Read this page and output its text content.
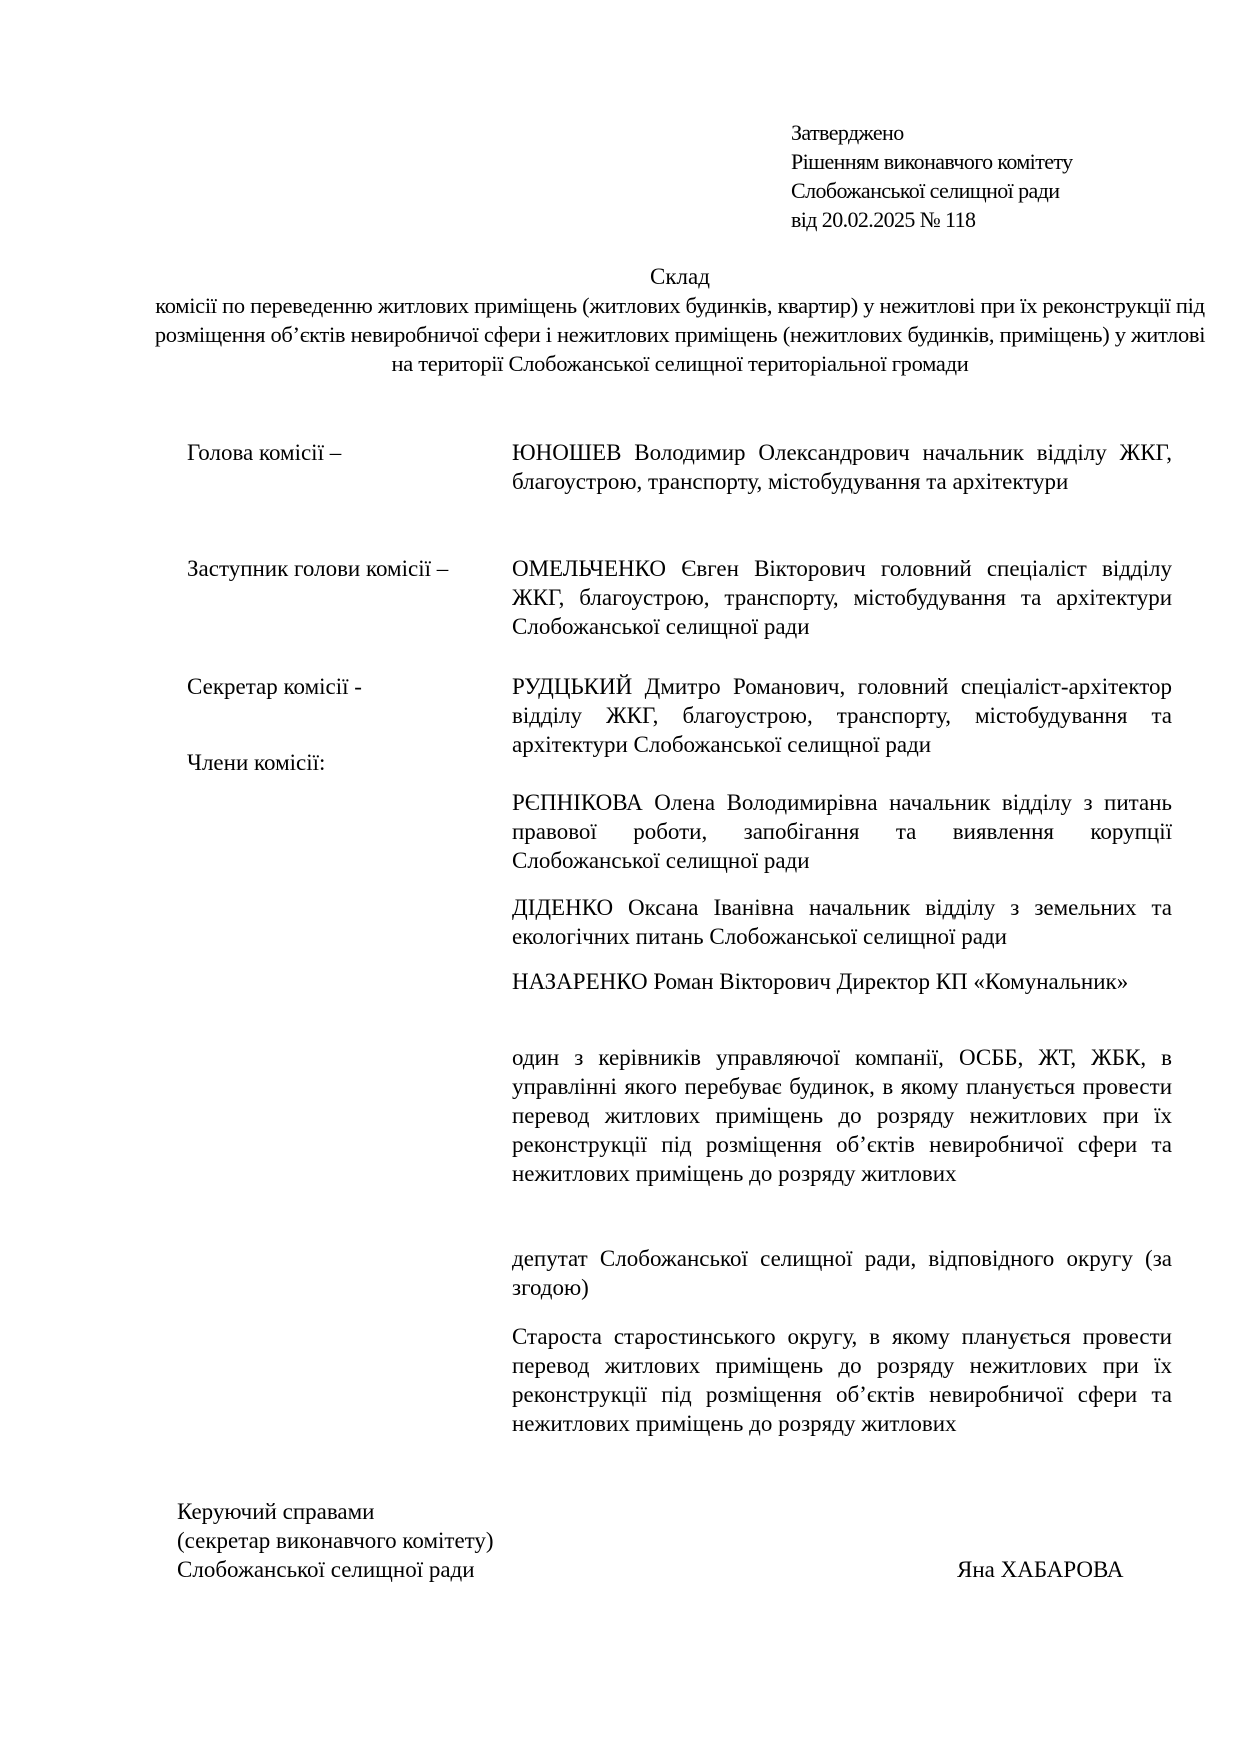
Затверджено
Рішенням виконавчого комітету
Слобожанської селищної ради
від 20.02.2025 № 118
Склад
комісії по переведенню житлових приміщень (житлових будинків, квартир) у нежитлові при їх реконструкції під розміщення об’єктів невиробничої сфери і нежитлових приміщень (нежитлових будинків, приміщень) у житлові на території Слобожанської селищної територіальної громади
Голова комісії –	ЮНОШЕВ Володимир Олександрович начальник відділу ЖКГ, благоустрою, транспорту, містобудування та архітектури
Заступник голови комісії –	ОМЕЛЬЧЕНКО Євген Вікторович головний спеціаліст відділу ЖКГ, благоустрою, транспорту, містобудування та архітектури Слобожанської селищної ради
Секретар комісії -	РУДЦЬКИЙ Дмитро Романович, головний спеціаліст-архітектор відділу ЖКГ, благоустрою, транспорту, містобудування та архітектури Слобожанської селищної ради
Члени комісії:
РЄПНІКОВА Олена Володимирівна начальник відділу з питань правової роботи, запобігання та виявлення корупції Слобожанської селищної ради
ДІДЕНКО Оксана Іванівна начальник відділу з земельних та екологічних питань Слобожанської селищної ради
НАЗАРЕНКО Роман Вікторович Директор КП «Комунальник»
один з керівників управляючої компанії, ОСББ, ЖТ, ЖБК, в управлінні якого перебуває будинок, в якому планується провести перевод житлових приміщень до розряду нежитлових при їх реконструкції під розміщення об’єктів невиробничої сфери та нежитлових приміщень до розряду житлових
депутат Слобожанської селищної ради, відповідного округу (за згодою)
Староста старостинського округу, в якому планується провести перевод житлових приміщень до розряду нежитлових при їх реконструкції під розміщення об’єктів невиробничої сфери та нежитлових приміщень до розряду житлових
Керуючий справами
(секретар виконавчого комітету)
Слобожанської селищної ради	Яна ХАБАРОВА
